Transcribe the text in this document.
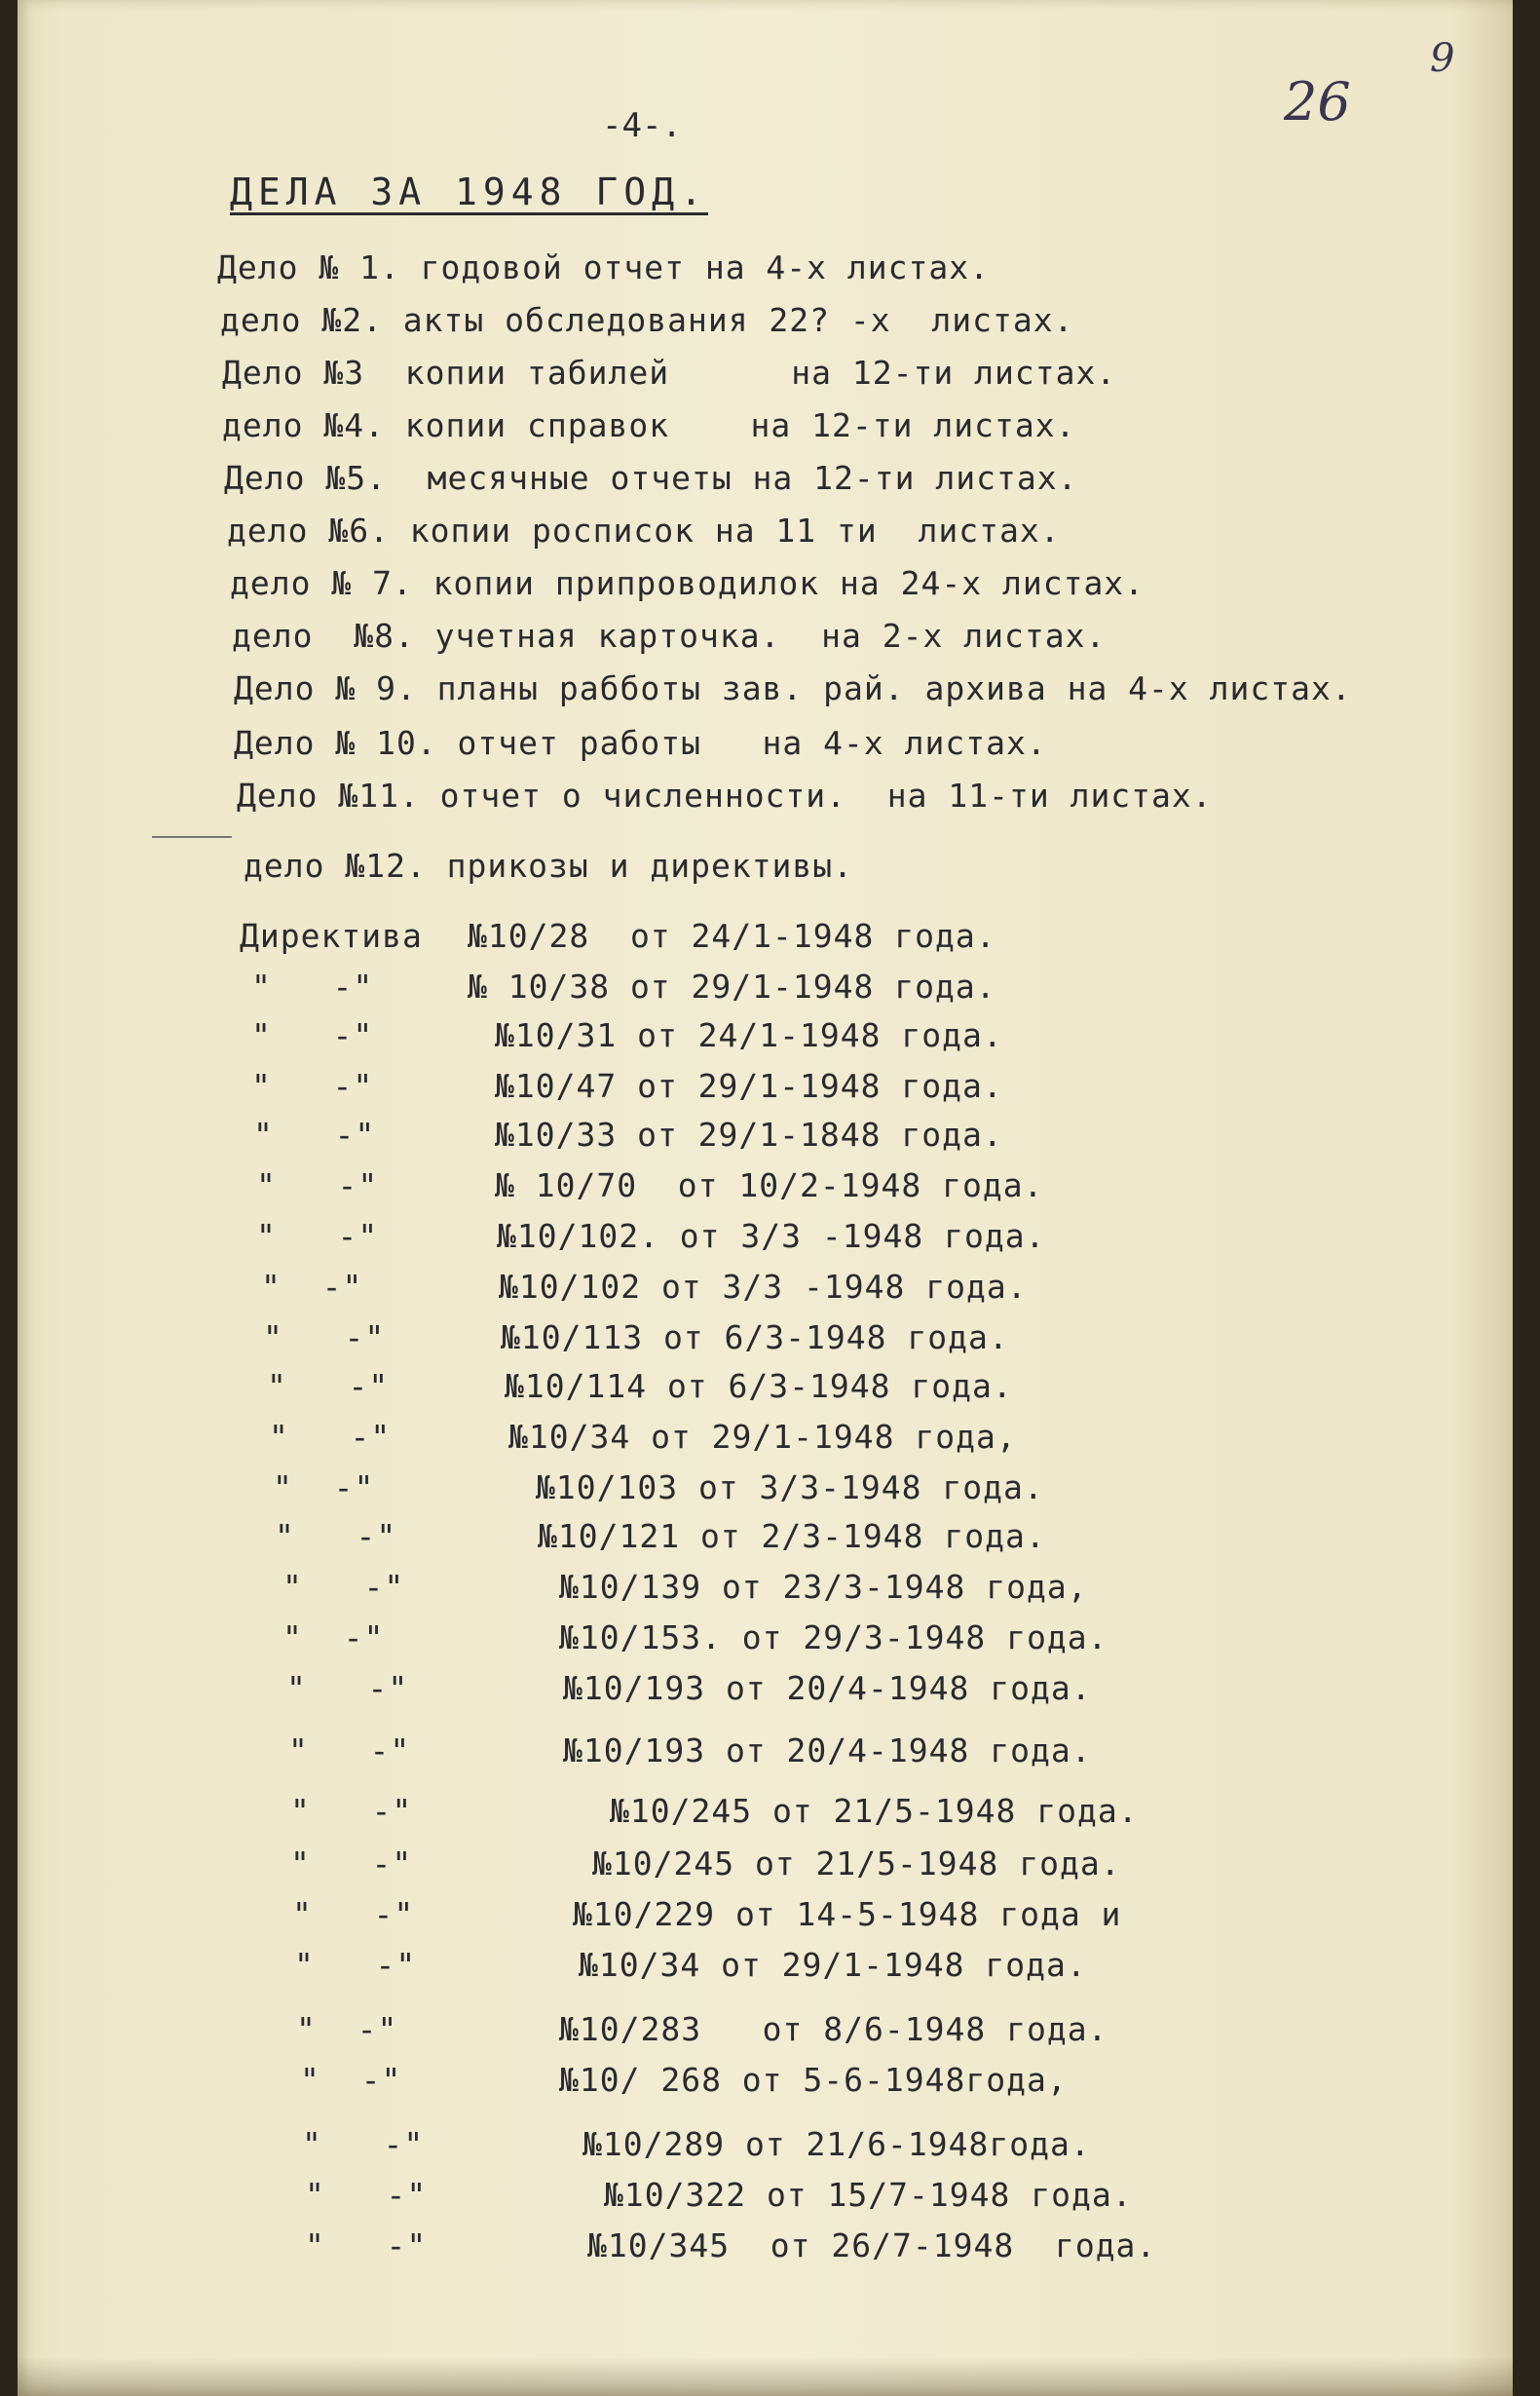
26
9
-4-.
ДЕЛА ЗА 1948 ГОД.
Дело № 1. годовой отчет на 4-х листах.
дело №2. акты обследования 22? -х  листах.
Дело №3  копии табилей      на 12-ти листах.
дело №4. копии справок    на 12-ти листах.
Дело №5.  месячные отчеты на 12-ти листах.
дело №6. копии росписок на 11 ти  листах.
дело № 7. копии припроводилок на 24-х листах.
дело  №8. учетная карточка.  на 2-х листах.
Дело № 9. планы рабботы зав. рай. архива на 4-х листах.
Дело № 10. отчет работы   на 4-х листах.
Дело №11. отчет о численности.  на 11-ти листах.
дело №12. прикозы и директивы.
Директива №10/28  от 24/1-1948 года.
"   -"	№ 10/38 от 29/1-1948 года.
"   -"	№10/31 от 24/1-1948 года.
"   -"	№10/47 от 29/1-1948 года.
"   -"	№10/33 от 29/1-1848 года.
"   -"	№ 10/70  от 10/2-1948 года.
"   -"	№10/102. от 3/3 -1948 года.
"  -"	№10/102 от 3/3 -1948 года.
"   -"	№10/113 от 6/3-1948 года.
"   -"	№10/114 от 6/3-1948 года.
"   -"	№10/34 от 29/1-1948 года,
"  -"	№10/103 от 3/3-1948 года.
"   -"	№10/121 от 2/3-1948 года.
"   -"	№10/139 от 23/3-1948 года,
"  -"	№10/153. от 29/3-1948 года.
"   -"	№10/193 от 20/4-1948 года.
"   -"	№10/193 от 20/4-1948 года.
"   -"	№10/245 от 21/5-1948 года.
"   -"	№10/245 от 21/5-1948 года.
"   -"	№10/229 от 14-5-1948 года и
"   -"	№10/34 от 29/1-1948 года.
"  -"	№10/283   от 8/6-1948 года.
"  -"	№10/ 268 от 5-6-1948года,
"   -"	№10/289 от 21/6-1948года.
"   -"	№10/322 от 15/7-1948 года.
"   -"	№10/345  от 26/7-1948  года.
